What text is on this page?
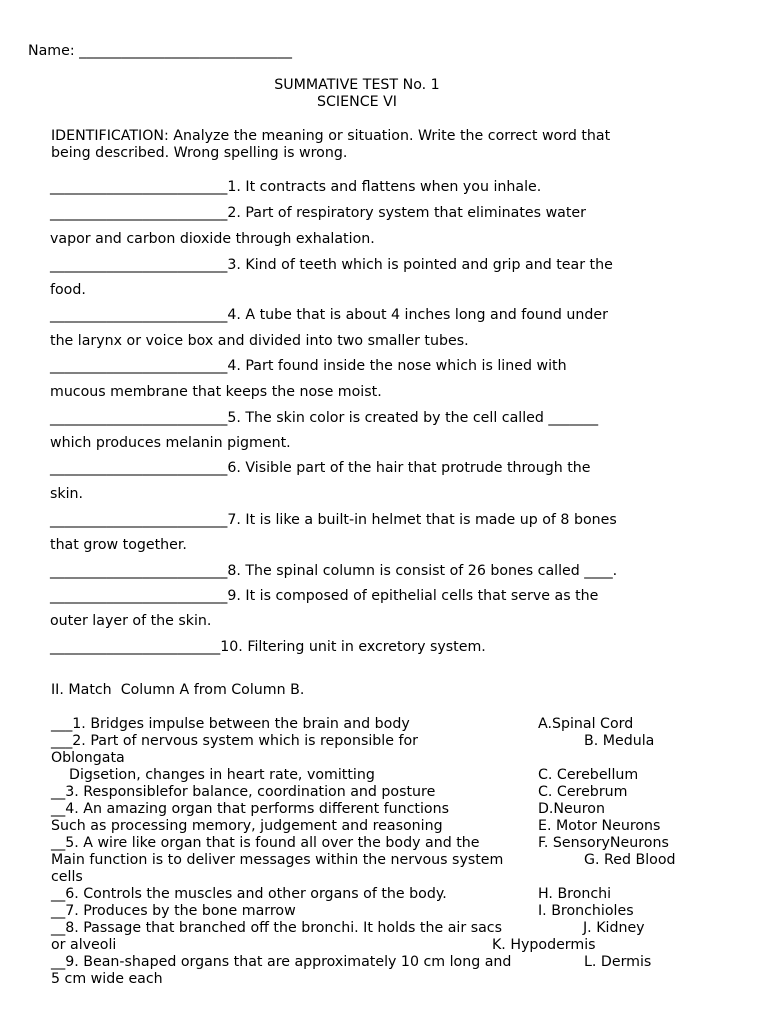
Name: ______________________________
SUMMATIVE TEST No. 1
SCIENCE VI
IDENTIFICATION: Analyze the meaning or situation. Write the correct word that
being described. Wrong spelling is wrong.
_________________________1. It contracts and flattens when you inhale.
_________________________2. Part of respiratory system that eliminates water
vapor and carbon dioxide through exhalation.
_________________________3. Kind of teeth which is pointed and grip and tear the
food.
_________________________4. A tube that is about 4 inches long and found under
the larynx or voice box and divided into two smaller tubes.
_________________________4. Part found inside the nose which is lined with
mucous membrane that keeps the nose moist.
_________________________5. The skin color is created by the cell called _______
which produces melanin pigment.
_________________________6. Visible part of the hair that protrude through the
skin.
_________________________7. It is like a built-in helmet that is made up of 8 bones
that grow together.
_________________________8. The spinal column is consist of 26 bones called ____.
_________________________9. It is composed of epithelial cells that serve as the
outer layer of the skin.
________________________10. Filtering unit in excretory system.
II. Match  Column A from Column B.
___1. Bridges impulse between the brain and body
___2. Part of nervous system which is reponsible for
Oblongata
Digsetion, changes in heart rate, vomitting
__3. Responsiblefor balance, coordination and posture
__4. An amazing organ that performs different functions
Such as processing memory, judgement and reasoning
__5. A wire like organ that is found all over the body and the
Main function is to deliver messages within the nervous system
cells
__6. Controls the muscles and other organs of the body.
__7. Produces by the bone marrow
__8. Passage that branched off the bronchi. It holds the air sacs
or alveoli
__9. Bean-shaped organs that are approximately 10 cm long and
5 cm wide each
A.Spinal Cord
B. Medula
C. Cerebellum
C. Cerebrum
D.Neuron
E. Motor Neurons
F. SensoryNeurons
G. Red Blood
H. Bronchi
I. Bronchioles
J. Kidney
K. Hypodermis
L. Dermis
